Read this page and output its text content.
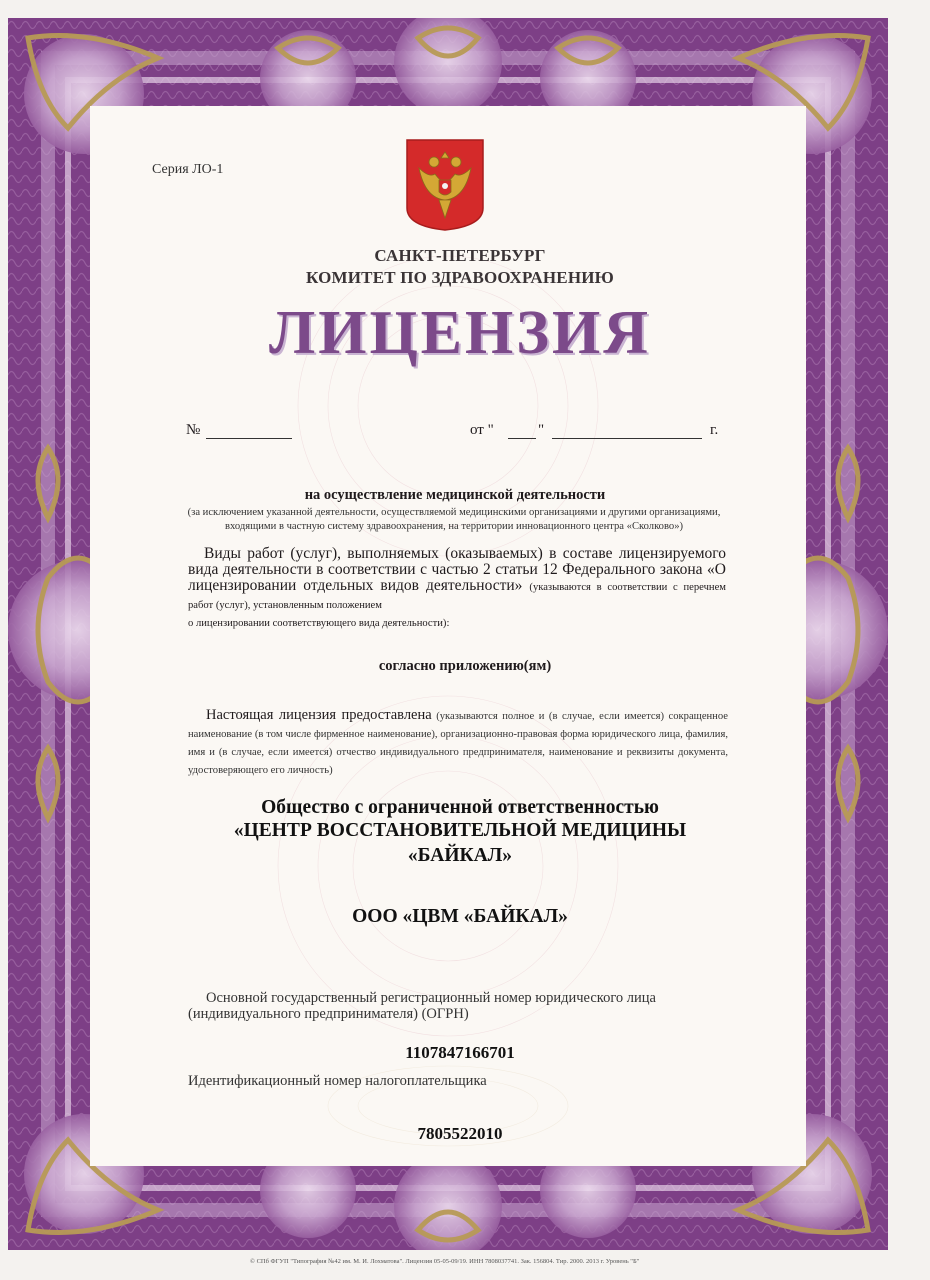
Серия ЛО-1
САНКТ-ПЕТЕРБУРГ
КОМИТЕТ ПО ЗДРАВООХРАНЕНИЮ
ЛИЦЕНЗИЯ
№	от "	"	г.
на осуществление медицинской деятельности
(за исключением указанной деятельности, осуществляемой медицинскими организациями и другими организациями, входящими в частную систему здравоохранения, на территории инновационного центра «Сколково»)
Виды работ (услуг), выполняемых (оказываемых) в составе лицензируемого вида деятельности в соответствии с частью 2 статьи 12 Федерального закона «О лицензировании отдельных видов деятельности» (указываются в соответствии с перечнем работ (услуг), установленным положением
о лицензировании соответствующего вида деятельности):
согласно приложению(ям)
Настоящая лицензия предоставлена (указываются полное и (в случае, если имеется) сокращенное наименование (в том числе фирменное наименование), организационно-правовая форма юридического лица, фамилия, имя и (в случае, если имеется) отчество индивидуального предпринимателя, наименование и реквизиты документа, удостоверяющего его личность)
Общество с ограниченной ответственностью
«ЦЕНТР ВОССТАНОВИТЕЛЬНОЙ МЕДИЦИНЫ
«БАЙКАЛ»
ООО «ЦВМ «БАЙКАЛ»
Основной государственный регистрационный номер юридического лица
(индивидуального предпринимателя) (ОГРН)
1107847166701
Идентификационный номер налогоплательщика
7805522010
© СПб ФГУП "Типография №42 им. М. И. Лохматова". Лицензия 05-05-09/19. ИНН 7808037741. Зак. 156804. Тир. 2000. 2013 г. Уровень "Б"
